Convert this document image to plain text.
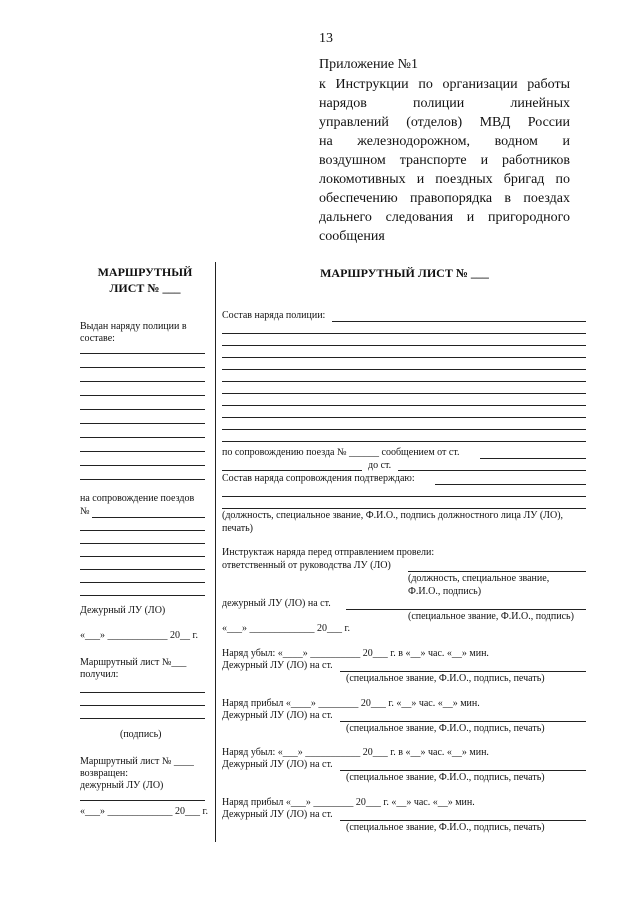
13
Приложение №1
к Инструкции по организации работы
нарядов полиции линейных
управлений (отделов) МВД России
на железнодорожном, водном и
воздушном транспорте и работников
локомотивных и поездных бригад по
обеспечению правопорядка в поездах
дальнего следования и пригородного
сообщения
МАРШРУТНЫЙ
ЛИСТ № ___
Выдан наряду полиции в
составе:
на сопровождение поездов
№
Дежурный ЛУ (ЛО)
«___» ____________ 20__ г.
Маршрутный лист №___
получил:
(подпись)
Маршрутный лист № ____
возвращен:
дежурный ЛУ (ЛО)
«___» _____________ 20___ г.
МАРШРУТНЫЙ ЛИСТ № ___
Состав наряда полиции:
по сопровождению поезда № ______ сообщением от ст.
до ст.
Состав наряда сопровождения подтверждаю:
(должность, специальное звание, Ф.И.О., подпись должностного лица ЛУ (ЛО),
печать)
Инструктаж наряда перед отправлением провели:
ответственный от руководства ЛУ (ЛО)
(должность, специальное звание,
Ф.И.О., подпись)
дежурный ЛУ (ЛО) на ст.
(специальное звание, Ф.И.О., подпись)
«___» _____________ 20___ г.
Наряд убыл: «____» __________ 20___ г. в «__» час. «__» мин.
Дежурный ЛУ (ЛО) на ст.
(специальное звание, Ф.И.О., подпись, печать)
Наряд прибыл «____» ________ 20___ г. «__» час. «__» мин.
Дежурный ЛУ (ЛО) на ст.
(специальное звание, Ф.И.О., подпись, печать)
Наряд убыл: «___» ___________ 20___ г. в «__» час. «__» мин.
Дежурный ЛУ (ЛО) на ст.
(специальное звание, Ф.И.О., подпись, печать)
Наряд прибыл «___» ________ 20___ г. «__» час. «__» мин.
Дежурный ЛУ (ЛО) на ст.
(специальное звание, Ф.И.О., подпись, печать)
